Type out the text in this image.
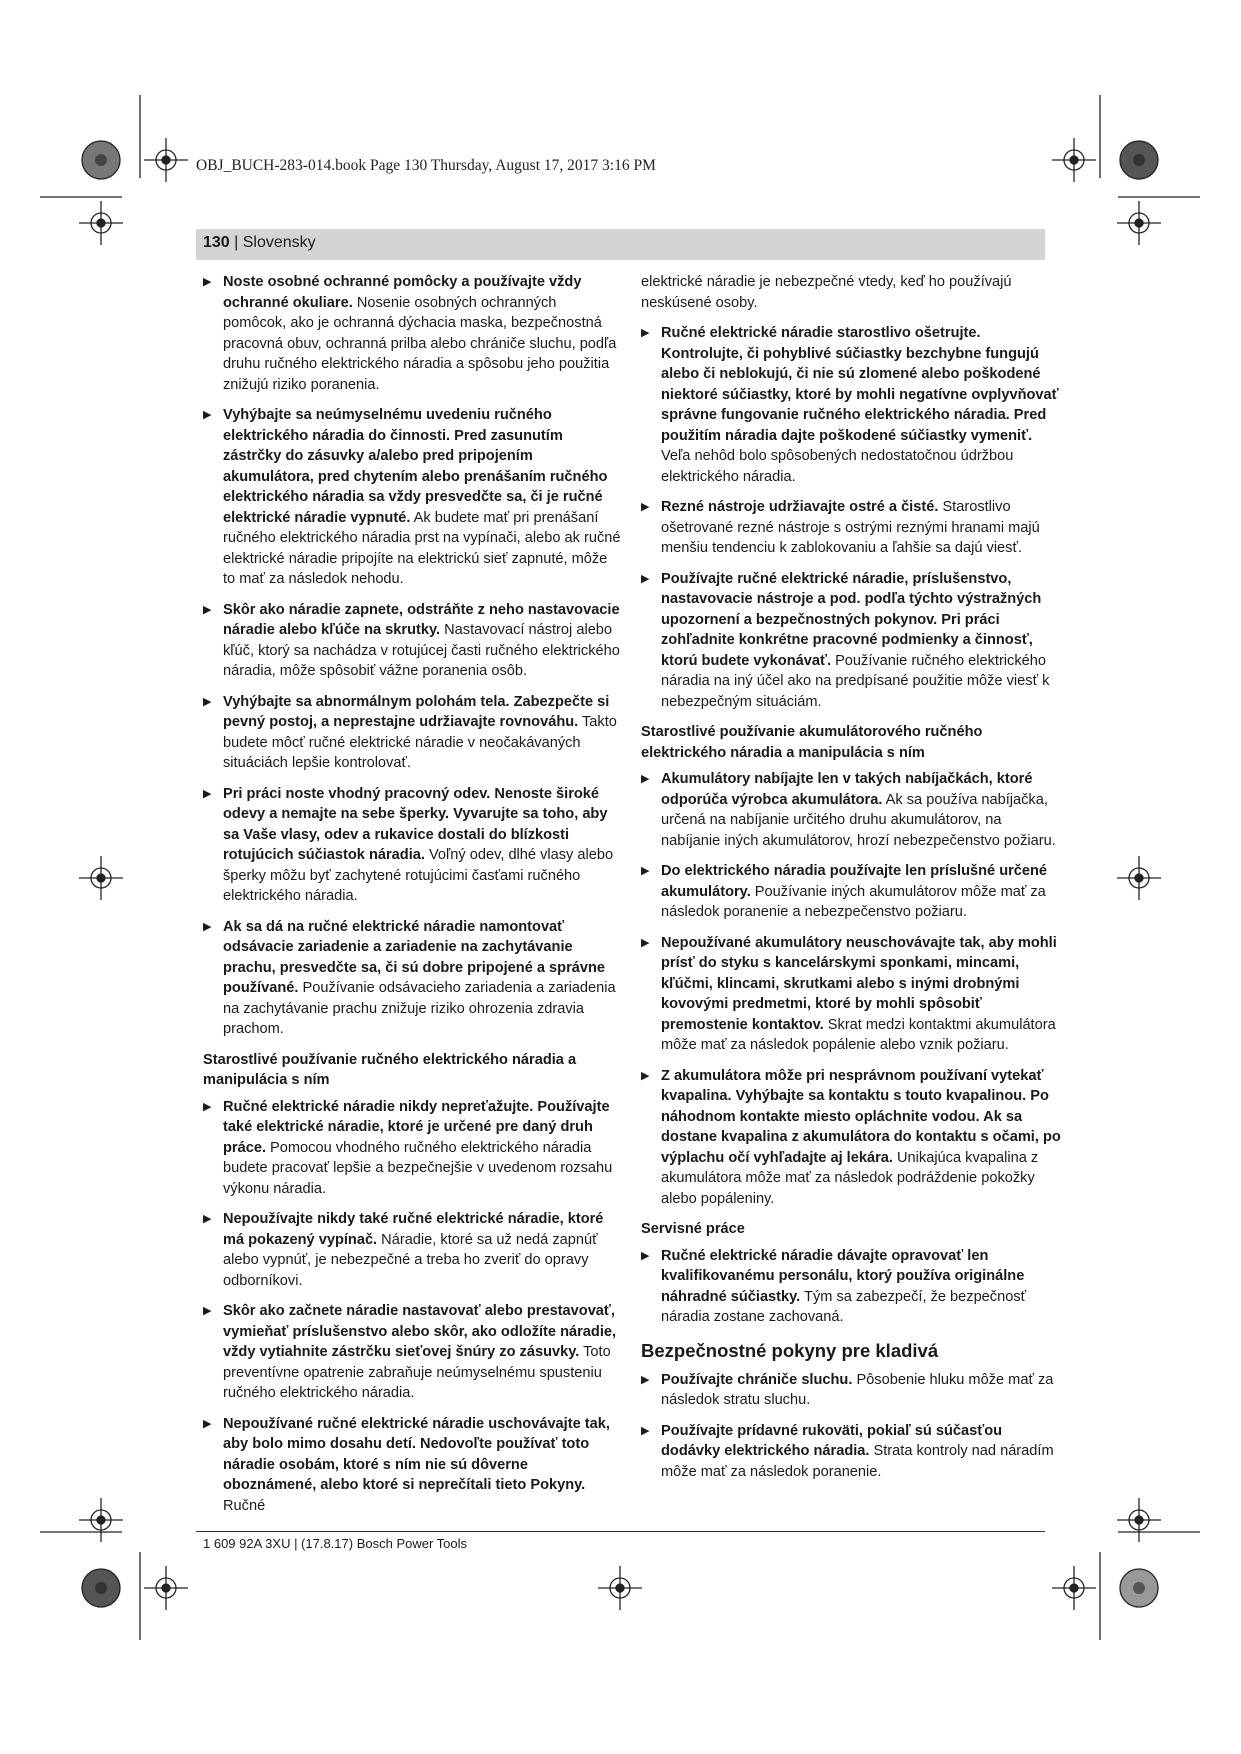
OBJ_BUCH-283-014.book Page 130 Thursday, August 17, 2017 3:16 PM
130 | Slovensky
▶ Noste osobné ochranné pomôcky a používajte vždy ochranné okuliare. Nosenie osobných ochranných pomôcok, ako je ochranná dýchacia maska, bezpečnostná pracovná obuv, ochranná prilba alebo chrániče sluchu, podľa druhu ručného elektrického náradia a spôsobu jeho použitia znižujú riziko poranenia.
▶ Vyhýbajte sa neúmyselnému uvedeniu ručného elektrického náradia do činnosti. Pred zasunutím zástrčky do zásuvky a/alebo pred pripojením akumulátora, pred chytením alebo prenášaním ručného elektrického náradia sa vždy presvedčte sa, či je ručné elektrické náradie vypnuté. Ak budete mať pri prenášaní ručného elektrického náradia prst na vypínači, alebo ak ručné elektrické náradie pripojíte na elektrickú sieť zapnuté, môže to mať za následok nehodu.
▶ Skôr ako náradie zapnete, odstráňte z neho nastavovacie náradie alebo kľúče na skrutky. Nastavovací nástroj alebo kľúč, ktorý sa nachádza v rotujúcej časti ručného elektrického náradia, môže spôsobiť vážne poranenia osôb.
▶ Vyhýbajte sa abnormálnym polohám tela. Zabezpečte si pevný postoj, a neprestajne udržiavajte rovnováhu. Takto budete môcť ručné elektrické náradie v neočakávaných situáciách lepšie kontrolovať.
▶ Pri práci noste vhodný pracovný odev. Nenoste široké odevy a nemajte na sebe šperky. Vyvarujte sa toho, aby sa Vaše vlasy, odev a rukavice dostali do blízkosti rotujúcich súčiastok náradia. Voľný odev, dlhé vlasy alebo šperky môžu byť zachytené rotujúcimi časťami ručného elektrického náradia.
▶ Ak sa dá na ručné elektrické náradie namontovať odsávacie zariadenie a zariadenie na zachytávanie prachu, presvedčte sa, či sú dobre pripojené a správne používané. Používanie odsávacieho zariadenia a zariadenia na zachytávanie prachu znižuje riziko ohrozenia zdravia prachom.
Starostlivé používanie ručného elektrického náradia a manipulácia s ním
▶ Ručné elektrické náradie nikdy nepreťažujte. Používajte také elektrické náradie, ktoré je určené pre daný druh práce. Pomocou vhodného ručného elektrického náradia budete pracovať lepšie a bezpečnejšie v uvedenom rozsahu výkonu náradia.
▶ Nepoužívajte nikdy také ručné elektrické náradie, ktoré má pokazený vypínač. Náradie, ktoré sa už nedá zapnúť alebo vypnúť, je nebezpečné a treba ho zveriť do opravy odborníkovi.
▶ Skôr ako začnete náradie nastavovať alebo prestavovať, vymieňať príslušenstvo alebo skôr, ako odložíte náradie, vždy vytiahnite zástrčku sieťovej šnúry zo zásuvky. Toto preventívne opatrenie zabraňuje neúmyselnému spusteniu ručného elektrického náradia.
▶ Nepoužívané ručné elektrické náradie uschovávajte tak, aby bolo mimo dosahu detí. Nedovoľte používať toto náradie osobám, ktoré s ním nie sú dôverne oboznámené, alebo ktoré si neprečítali tieto Pokyny. Ručné

elektrické náradie je nebezpečné vtedy, keď ho používajú neskúsené osoby.

▶ Ručné elektrické náradie starostlivo ošetrujte. Kontrolujte, či pohyblivé súčiastky bezchybne fungujú alebo či neblokujú, či nie sú zlomené alebo poškodené niektoré súčiastky, ktoré by mohli negatívne ovplyvňovať správne fungovanie ručného elektrického náradia. Pred použitím náradia dajte poškodené súčiastky vymeniť. Veľa nehôd bolo spôsobených nedostatočnou údržbou elektrického náradia.
▶ Rezné nástroje udržiavajte ostré a čisté. Starostlivo ošetrované rezné nástroje s ostrými reznými hranami majú menšiu tendenciu k zablokovaniu a ľahšie sa dajú viesť.
▶ Používajte ručné elektrické náradie, príslušenstvo, nastavovacie nástroje a pod. podľa týchto výstražných upozornení a bezpečnostných pokynov. Pri práci zohľadnite konkrétne pracovné podmienky a činnosť, ktorú budete vykonávať. Používanie ručného elektrického náradia na iný účel ako na predpísané použitie môže viesť k nebezpečným situáciám.
Starostlivé používanie akumulátorového ručného elektrického náradia a manipulácia s ním
▶ Akumulátory nabíjajte len v takých nabíjačkách, ktoré odporúča výrobca akumulátora. Ak sa používa nabíjačka, určená na nabíjanie určitého druhu akumulátorov, na nabíjanie iných akumulátorov, hrozí nebezpečenstvo požiaru.
▶ Do elektrického náradia používajte len príslušné určené akumulátory. Používanie iných akumulátorov môže mať za následok poranenie a nebezpečenstvo požiaru.
▶ Nepoužívané akumulátory neuschovávajte tak, aby mohli prísť do styku s kancelárskymi sponkami, mincami, kľúčmi, klincami, skrutkami alebo s inými drobnými kovovými predmetmi, ktoré by mohli spôsobiť premostenie kontaktov. Skrat medzi kontaktmi akumulátora môže mať za následok popálenie alebo vznik požiaru.
▶ Z akumulátora môže pri nesprávnom používaní vytekať kvapalina. Vyhýbajte sa kontaktu s touto kvapalinou. Po náhodnom kontakte miesto opláchnite vodou. Ak sa dostane kvapalina z akumulátora do kontaktu s očami, po výplachu očí vyhľadajte aj lekára. Unikajúca kvapalina z akumulátora môže mať za následok podráždenie pokožky alebo popáleniny.
Servisné práce
▶ Ručné elektrické náradie dávajte opravovať len kvalifikovanému personálu, ktorý používa originálne náhradné súčiastky. Tým sa zabezpečí, že bezpečnosť náradia zostane zachovaná.
Bezpečnostné pokyny pre kladivá
▶ Používajte chrániče sluchu. Pôsobenie hluku môže mať za následok stratu sluchu.
▶ Používajte prídavné rukoväti, pokiaľ sú súčasťou dodávky elektrického náradia. Strata kontroly nad náradím môže mať za následok poranenie.
1 609 92A 3XU | (17.8.17) Bosch Power Tools
